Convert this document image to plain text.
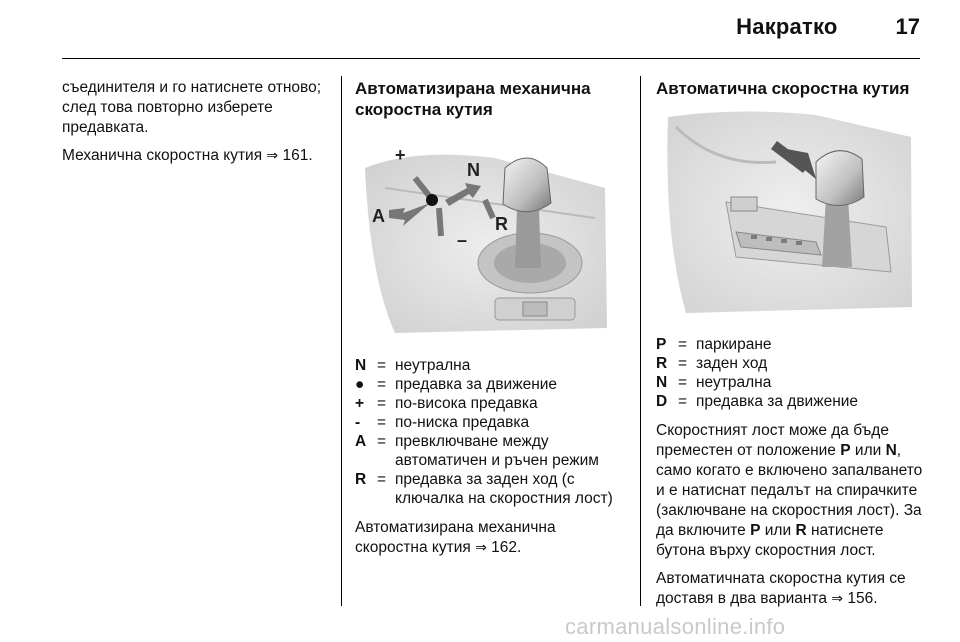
Накратко	17

съединителя и го натиснете отново; след това повторно изберете предавката.

Механична скоростна кутия ⇒ 161.

Автоматизирана механична скоростна кутия
+
N
A	R
–
N = неутрална
● = предавка за движение
+ = по-висока предавка
-	= по-ниска предавка
A = превключване между автоматичен и ръчен режим
R = предавка за заден ход (с ключалка на скоростния лост)

Автоматизирана механична скоростна кутия ⇒ 162.

Автоматична скоростна кутия
P = паркиране
R = заден ход
N = неутрална
D = предавка за движение

Скоростният лост може да бъде преместен от положение P или N, само когато е включено запалването и е натиснат педалът на спирачките (заключване на скоростния лост). За да включите P или R натиснете бутона върху скоростния лост.

Автоматичната скоростна кутия се доставя в два варианта ⇒ 156.

carmanualsonline.info
